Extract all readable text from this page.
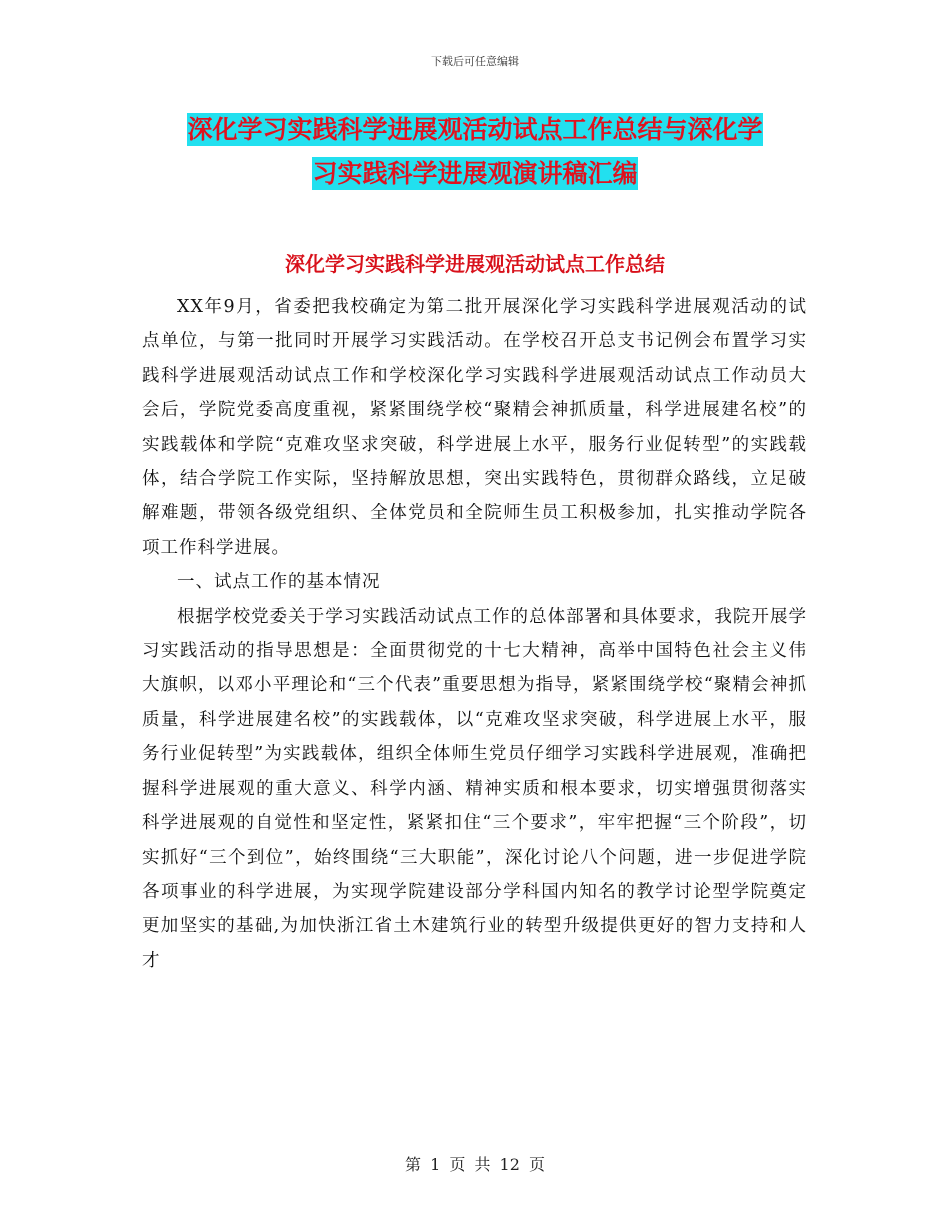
下载后可任意编辑
深化学习实践科学进展观活动试点工作总结与深化学
习实践科学进展观演讲稿汇编
深化学习实践科学进展观活动试点工作总结

XX年9月，省委把我校确定为第二批开展深化学习实践科学进展观活动的试点单位，与第一批同时开展学习实践活动。在学校召开总支书记例会布置学习实践科学进展观活动试点工作和学校深化学习实践科学进展观活动试点工作动员大会后，学院党委高度重视，紧紧围绕学校“聚精会神抓质量，科学进展建名校”的实践载体和学院“克难攻坚求突破，科学进展上水平，服务行业促转型”的实践载体，结合学院工作实际，坚持解放思想，突出实践特色，贯彻群众路线，立足破解难题，带领各级党组织、全体党员和全院师生员工积极参加，扎实推动学院各项工作科学进展。

一、试点工作的基本情况

根据学校党委关于学习实践活动试点工作的总体部署和具体要求，我院开展学习实践活动的指导思想是：全面贯彻党的十七大精神，高举中国特色社会主义伟大旗帜，以邓小平理论和“三个代表”重要思想为指导，紧紧围绕学校“聚精会神抓质量，科学进展建名校”的实践载体，以“克难攻坚求突破，科学进展上水平，服务行业促转型”为实践载体，组织全体师生党员仔细学习实践科学进展观，准确把握科学进展观的重大意义、科学内涵、精神实质和根本要求，切实增强贯彻落实科学进展观的自觉性和坚定性，紧紧扣住“三个要求”，牢牢把握“三个阶段”，切实抓好“三个到位”，始终围绕“三大职能”，深化讨论八个问题，进一步促进学院各项事业的科学进展，为实现学院建设部分学科国内知名的教学讨论型学院奠定更加坚实的基础,为加快浙江省土木建筑行业的转型升级提供更好的智力支持和人才

第 1 页 共 12 页
